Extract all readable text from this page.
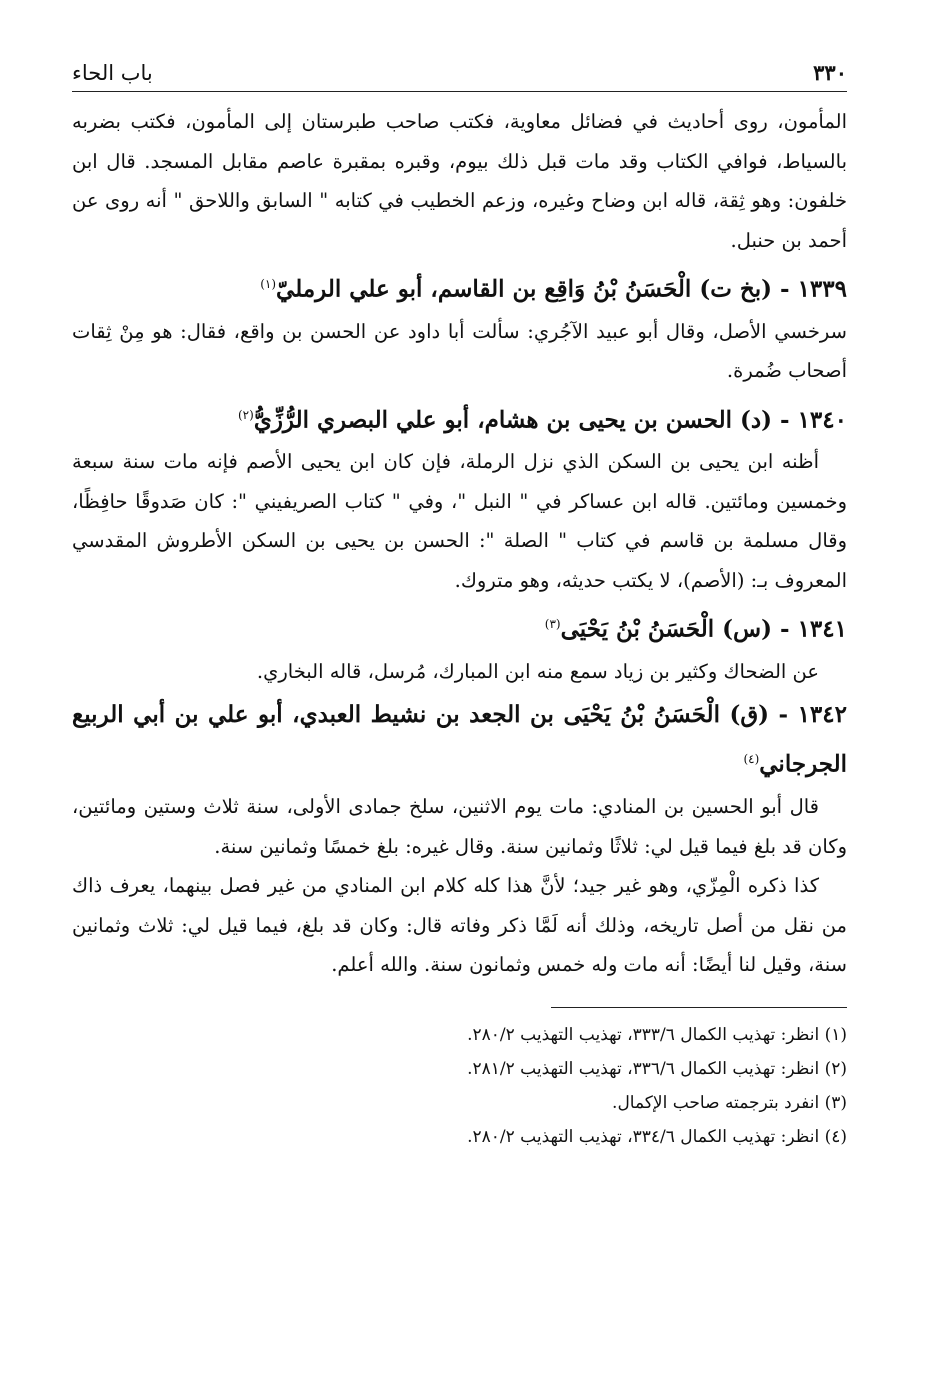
٣٣٠
باب الحاء

المأمون، روى أحاديث في فضائل معاوية، فكتب صاحب طبرستان إلى المأمون، فكتب بضربه بالسياط، فوافي الكتاب وقد مات قبل ذلك بيوم، وقبره بمقبرة عاصم مقابل المسجد. قال ابن خلفون: وهو ثِقة، قاله ابن وضاح وغيره، وزعم الخطيب في كتابه " السابق واللاحق " أنه روى عن أحمد بن حنبل.

١٣٣٩ - (بخ ت) الْحَسَنُ بْنُ وَاقِع بن القاسم، أبو علي الرمليّ$^{(١)}$

سرخسي الأصل، وقال أبو عبيد الآجُري: سألت أبا داود عن الحسن بن واقع، فقال: هو مِنْ ثِقات أصحاب ضُمرة.

١٣٤٠ - (د) الحسن بن يحيى بن هشام، أبو علي البصري الرُّزِّيُّ$^{(٢)}$

أظنه ابن يحيى بن السكن الذي نزل الرملة، فإن كان ابن يحيى الأصم فإنه مات سنة سبعة وخمسين ومائتين. قاله ابن عساكر في " النبل "، وفي " كتاب الصريفيني ": كان صَدوقًا حافِظًا، وقال مسلمة بن قاسم في كتاب " الصلة ": الحسن بن يحيى بن السكن الأطروش المقدسي المعروف بـ: (الأصم)، لا يكتب حديثه، وهو متروك.

١٣٤١ - (س) الْحَسَنُ بْنُ يَحْيَى$^{(٣)}$

عن الضحاك وكثير بن زياد سمع منه ابن المبارك، مُرسل، قاله البخاري.

١٣٤٢ - (ق) الْحَسَنُ بْنُ يَحْيَى بن الجعد بن نشيط العبدي، أبو علي بن أبي الربيع الجرجاني$^{(٤)}$

قال أبو الحسين بن المنادي: مات يوم الاثنين، سلخ جمادى الأولى، سنة ثلاث وستين ومائتين، وكان قد بلغ فيما قيل لي: ثلاثًا وثمانين سنة. وقال غيره: بلغ خمسًا وثمانين سنة.

كذا ذكره الْمِزّي، وهو غير جيد؛ لأنَّ هذا كله كلام ابن المنادي من غير فصل بينهما، يعرف ذاك من نقل من أصل تاريخه، وذلك أنه لَمَّا ذكر وفاته قال: وكان قد بلغ، فيما قيل لي: ثلاث وثمانين سنة، وقيل لنا أيضًا: أنه مات وله خمس وثمانون سنة. والله أعلم.

(١) انظر: تهذيب الكمال ٣٣٣/٦، تهذيب التهذيب ٢٨٠/٢.

(٢) انظر: تهذيب الكمال ٣٣٦/٦، تهذيب التهذيب ٢٨١/٢.

(٣) انفرد بترجمته صاحب الإكمال.

(٤) انظر: تهذيب الكمال ٣٣٤/٦، تهذيب التهذيب ٢٨٠/٢.
